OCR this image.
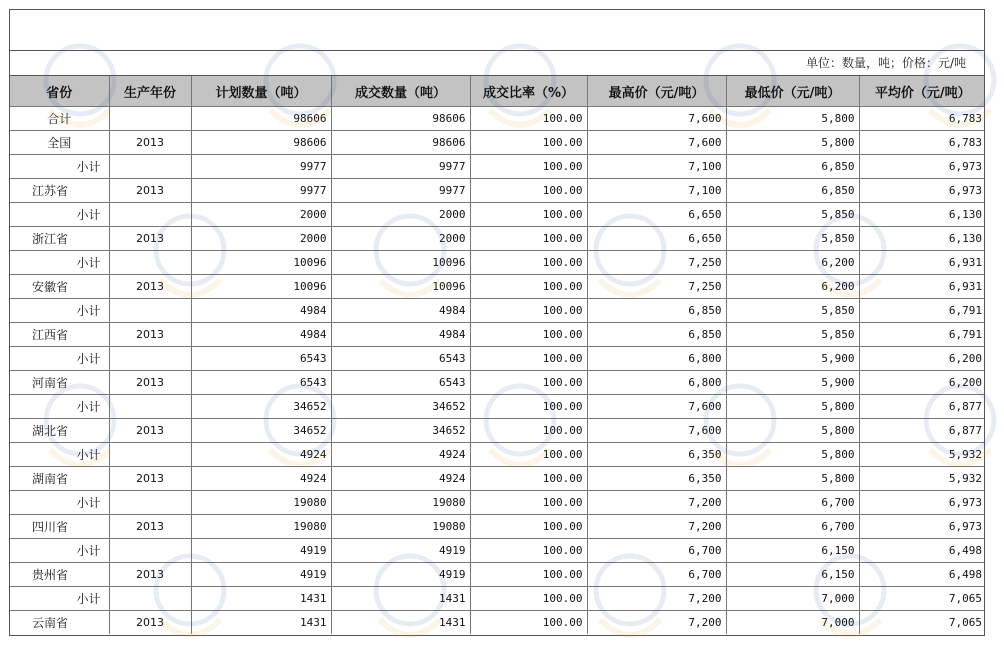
单位：数量，吨；价格：元/吨
省份	生产年份	计划数量（吨）	成交数量（吨）	成交比率（%）	最高价（元/吨）	最低价（元/吨）	平均价（元/吨）
合计		98606	98606	100.00	7,600	5,800	6,783
全国	2013	98606	98606	100.00	7,600	5,800	6,783
小计		9977	9977	100.00	7,100	6,850	6,973
江苏省	2013	9977	9977	100.00	7,100	6,850	6,973
小计		2000	2000	100.00	6,650	5,850	6,130
浙江省	2013	2000	2000	100.00	6,650	5,850	6,130
小计		10096	10096	100.00	7,250	6,200	6,931
安徽省	2013	10096	10096	100.00	7,250	6,200	6,931
小计		4984	4984	100.00	6,850	5,850	6,791
江西省	2013	4984	4984	100.00	6,850	5,850	6,791
小计		6543	6543	100.00	6,800	5,900	6,200
河南省	2013	6543	6543	100.00	6,800	5,900	6,200
小计		34652	34652	100.00	7,600	5,800	6,877
湖北省	2013	34652	34652	100.00	7,600	5,800	6,877
小计		4924	4924	100.00	6,350	5,800	5,932
湖南省	2013	4924	4924	100.00	6,350	5,800	5,932
小计		19080	19080	100.00	7,200	6,700	6,973
四川省	2013	19080	19080	100.00	7,200	6,700	6,973
小计		4919	4919	100.00	6,700	6,150	6,498
贵州省	2013	4919	4919	100.00	6,700	6,150	6,498
小计		1431	1431	100.00	7,200	7,000	7,065
云南省	2013	1431	1431	100.00	7,200	7,000	7,065
